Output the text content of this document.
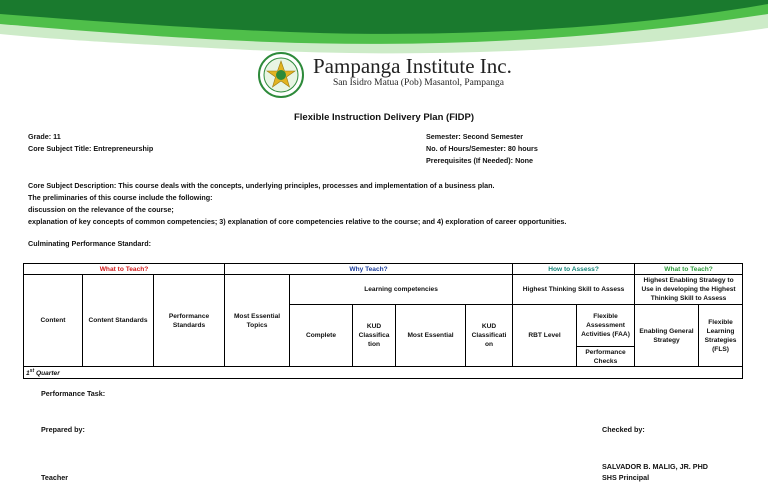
Pampanga Institute Inc.
San Isidro Matua (Pob) Masantol, Pampanga
Flexible Instruction Delivery Plan (FIDP)
Grade: 11
Core Subject Title: Entrepreneurship
Semester: Second Semester
No. of Hours/Semester: 80 hours
Prerequisites (If Needed): None
Core Subject Description: This course deals with the concepts, underlying principles, processes and implementation of a business plan.
The preliminaries of this course include the following:
discussion on the relevance of the course;
explanation of key concepts of common competencies; 3) explanation of core competencies relative to the course; and 4) exploration of career opportunities.
Culminating Performance Standard:
What to Teach?			Why Teach?					How to Assess?		What to Teach?	
Content	Content Standards	Performance Standards	Most Essential Topics	Learning competencies				Highest Thinking Skill to Assess		Highest Enabling Strategy to Use in developing the Highest Thinking Skill to Assess	
				Complete	KUD Classifica tion	Most Essential	KUD Classificati on	RBT Level	Flexible Assessment Activities (FAA)	Enabling General Strategy	Flexible Learning Strategies (FLS)
									Performance Checks		
1st Quarter											
Performance Task:
Prepared by:	Checked by:
SALVADOR B. MALIG, JR. PHD
SHS Principal
Teacher
